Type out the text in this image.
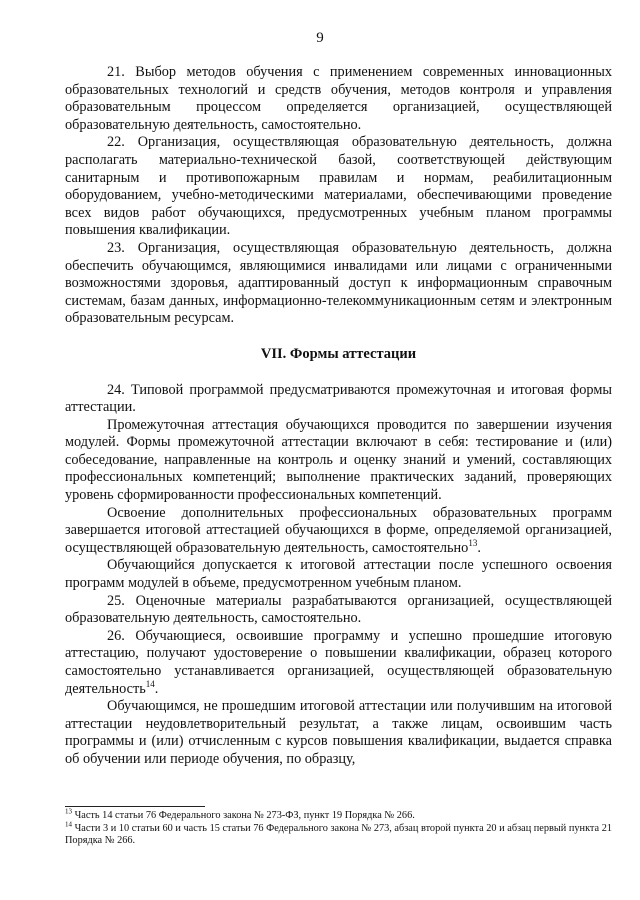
9

21. Выбор методов обучения с применением современных инновационных образовательных технологий и средств обучения, методов контроля и управления образовательным процессом определяется организацией, осуществляющей образовательную деятельность, самостоятельно.

22. Организация, осуществляющая образовательную деятельность, должна располагать материально-технической базой, соответствующей действующим санитарным и противопожарным правилам и нормам, реабилитационным оборудованием, учебно-методическими материалами, обеспечивающими проведение всех видов работ обучающихся, предусмотренных учебным планом программы повышения квалификации.

23. Организация, осуществляющая образовательную деятельность, должна обеспечить обучающимся, являющимися инвалидами или лицами с ограниченными возможностями здоровья, адаптированный доступ к информационным справочным системам, базам данных, информационно-телекоммуникационным сетям и электронным образовательным ресурсам.

VII. Формы аттестации

24. Типовой программой предусматриваются промежуточная и итоговая формы аттестации.

Промежуточная аттестация обучающихся проводится по завершении изучения модулей. Формы промежуточной аттестации включают в себя: тестирование и (или) собеседование, направленные на контроль и оценку знаний и умений, составляющих профессиональных компетенций; выполнение практических заданий, проверяющих уровень сформированности профессиональных компетенций.

Освоение дополнительных профессиональных образовательных программ завершается итоговой аттестацией обучающихся в форме, определяемой организацией, осуществляющей образовательную деятельность, самостоятельно$^{13}$.

Обучающийся допускается к итоговой аттестации после успешного освоения программ модулей в объеме, предусмотренном учебным планом.

25. Оценочные материалы разрабатываются организацией, осуществляющей образовательную деятельность, самостоятельно.

26. Обучающиеся, освоившие программу и успешно прошедшие итоговую аттестацию, получают удостоверение о повышении квалификации, образец которого самостоятельно устанавливается организацией, осуществляющей образовательную деятельность$^{14}$.

Обучающимся, не прошедшим итоговой аттестации или получившим на итоговой аттестации неудовлетворительный результат, а также лицам, освоившим часть программы и (или) отчисленным с курсов повышения квалификации, выдается справка об обучении или периоде обучения, по образцу,

$^{13}$ Часть 14 статьи 76 Федерального закона № 273-ФЗ, пункт 19 Порядка № 266.

$^{14}$ Части 3 и 10 статьи 60 и часть 15 статьи 76 Федерального закона № 273, абзац второй пункта 20 и абзац первый пункта 21 Порядка № 266.
